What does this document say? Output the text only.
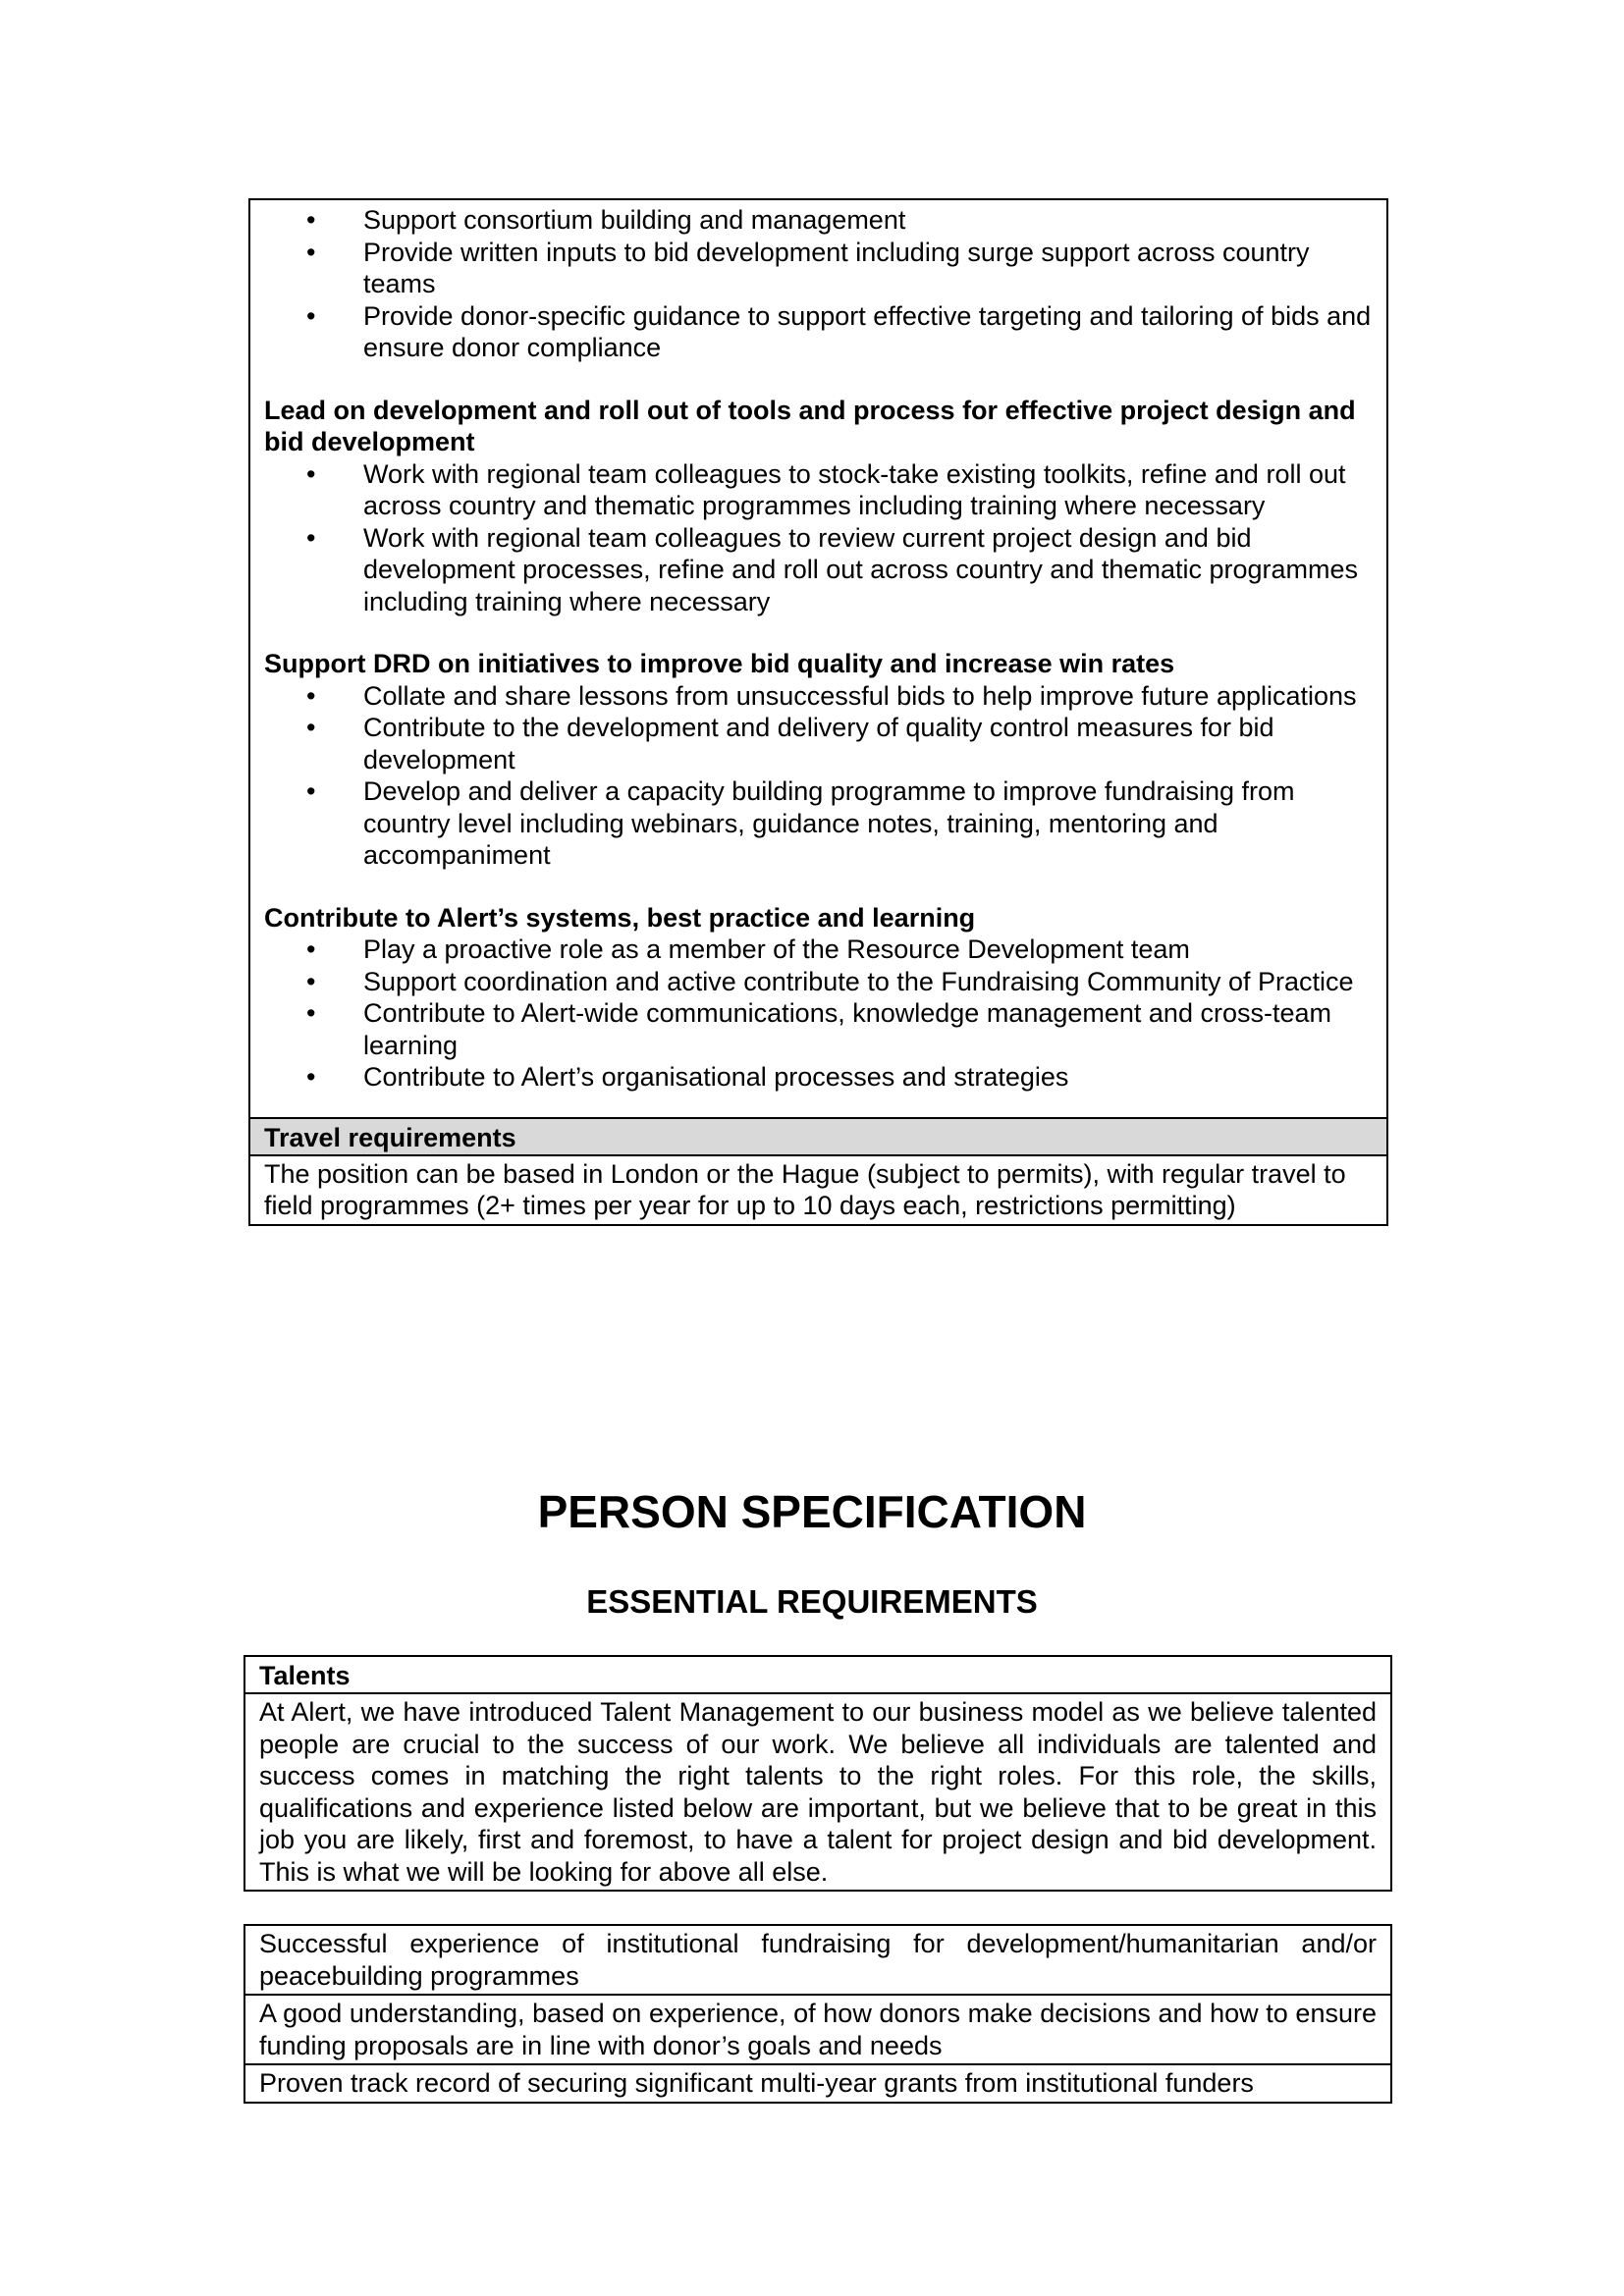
• Support consortium building and management
• Provide written inputs to bid development including surge support across country teams
• Provide donor-specific guidance to support effective targeting and tailoring of bids and ensure donor compliance
Lead on development and roll out of tools and process for effective project design and bid development
• Work with regional team colleagues to stock-take existing toolkits, refine and roll out across country and thematic programmes including training where necessary
• Work with regional team colleagues to review current project design and bid development processes, refine and roll out across country and thematic programmes including training where necessary
Support DRD on initiatives to improve bid quality and increase win rates
• Collate and share lessons from unsuccessful bids to help improve future applications
• Contribute to the development and delivery of quality control measures for bid development
• Develop and deliver a capacity building programme to improve fundraising from country level including webinars, guidance notes, training, mentoring and accompaniment
Contribute to Alert’s systems, best practice and learning
• Play a proactive role as a member of the Resource Development team
• Support coordination and active contribute to the Fundraising Community of Practice
• Contribute to Alert-wide communications, knowledge management and cross-team learning
• Contribute to Alert’s organisational processes and strategies
Travel requirements
The position can be based in London or the Hague (subject to permits), with regular travel to field programmes (2+ times per year for up to 10 days each, restrictions permitting)
PERSON SPECIFICATION
ESSENTIAL REQUIREMENTS
Talents
At Alert, we have introduced Talent Management to our business model as we believe talented people are crucial to the success of our work. We believe all individuals are talented and success comes in matching the right talents to the right roles. For this role, the skills, qualifications and experience listed below are important, but we believe that to be great in this job you are likely, first and foremost, to have a talent for project design and bid development. This is what we will be looking for above all else.
Successful experience of institutional fundraising for development/humanitarian and/or peacebuilding programmes
A good understanding, based on experience, of how donors make decisions and how to ensure funding proposals are in line with donor’s goals and needs
Proven track record of securing significant multi-year grants from institutional funders
